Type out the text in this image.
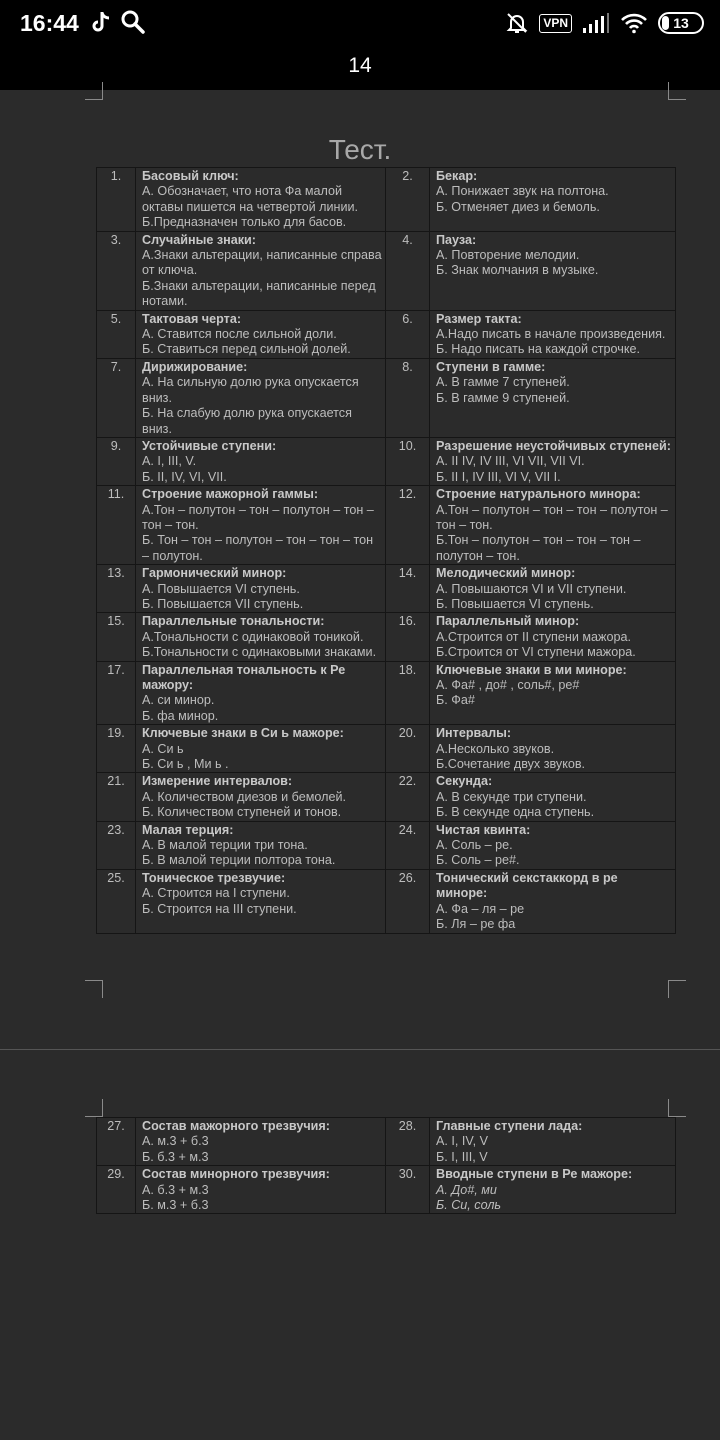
16:44	VPN	13
14
Тест.
1.	Басовый ключ:
А. Обозначает, что нота Фа малой октавы пишется на четвертой линии.
Б.Предназначен только для басов.	2.	Бекар:
А. Понижает звук на полтона.
Б. Отменяет диез и бемоль.

3.	Случайные знаки:
А.Знаки альтерации, написанные справа от ключа.
Б.Знаки альтерации, написанные перед нотами.	4.	Пауза:
А. Повторение мелодии.
Б. Знак молчания в музыке.

5.	Тактовая черта:
А. Ставится после сильной доли.
Б. Ставиться перед сильной долей.	6.	Размер такта:
А.Надо писать в начале произведения.
Б. Надо писать на каждой строчке.

7.	Дирижирование:
А. На сильную долю рука опускается вниз.
Б. На слабую долю рука опускается вниз.	8.	Ступени в гамме:
А. В гамме 7 ступеней.
Б. В гамме 9 ступеней.

9.	Устойчивые ступени:
А. I, III, V.
Б. II, IV, VI, VII.	10.	Разрешение неустойчивых ступеней:
А. II IV, IV III, VI VII, VII VI.
Б. II I, IV III, VI V, VII I.

11.	Строение мажорной гаммы:
А.Тон – полутон – тон – полутон – тон – тон – тон.
Б. Тон – тон – полутон – тон – тон – тон – полутон.	12.	Строение натурального минора:
А.Тон – полутон – тон – тон – полутон – тон – тон.
Б.Тон – полутон – тон – тон – тон – полутон – тон.

13.	Гармонический минор:
А. Повышается VI ступень.
Б. Повышается VII ступень.	14.	Мелодический минор:
А. Повышаются VI и VII ступени.
Б. Повышается VI ступень.

15.	Параллельные тональности:
А.Тональности с одинаковой тоникой.
Б.Тональности с одинаковыми знаками.	16.	Параллельный минор:
А.Строится от II ступени мажора.
Б.Строится от VI ступени мажора.

17.	Параллельная тональность к Ре мажору:
А. си минор.
Б. фа минор.	18.	Ключевые знаки в ми миноре:
А. Фа# , до# , соль#, ре#
Б. Фа#

19.	Ключевые знаки в Си ь мажоре:
А. Си ь
Б. Си ь , Ми ь .	20.	Интервалы:
А.Несколько звуков.
Б.Сочетание двух звуков.

21.	Измерение интервалов:
А. Количеством диезов и бемолей.
Б. Количеством ступеней и тонов.	22.	Секунда:
А. В секунде три ступени.
Б. В секунде одна ступень.

23.	Малая терция:
А. В малой терции три тона.
Б. В малой терции полтора тона.	24.	Чистая квинта:
А. Соль – ре.
Б. Соль – ре#.

25.	Тоническое трезвучие:
А. Строится на I ступени.
Б. Строится на III ступени.	26.	Тонический секстаккорд в ре миноре:
А. Фа – ля – ре
Б. Ля – ре фа
27.	Состав мажорного трезвучия:
А. м.3 + б.3
Б. б.3 + м.3	28.	Главные ступени лада:
А. I, IV, V
Б. I, III, V

29.	Состав минорного трезвучия:
А. б.3 + м.3
Б. м.3 + б.3	30.	Вводные ступени в Ре мажоре:
А. До#, ми
Б. Си, соль
